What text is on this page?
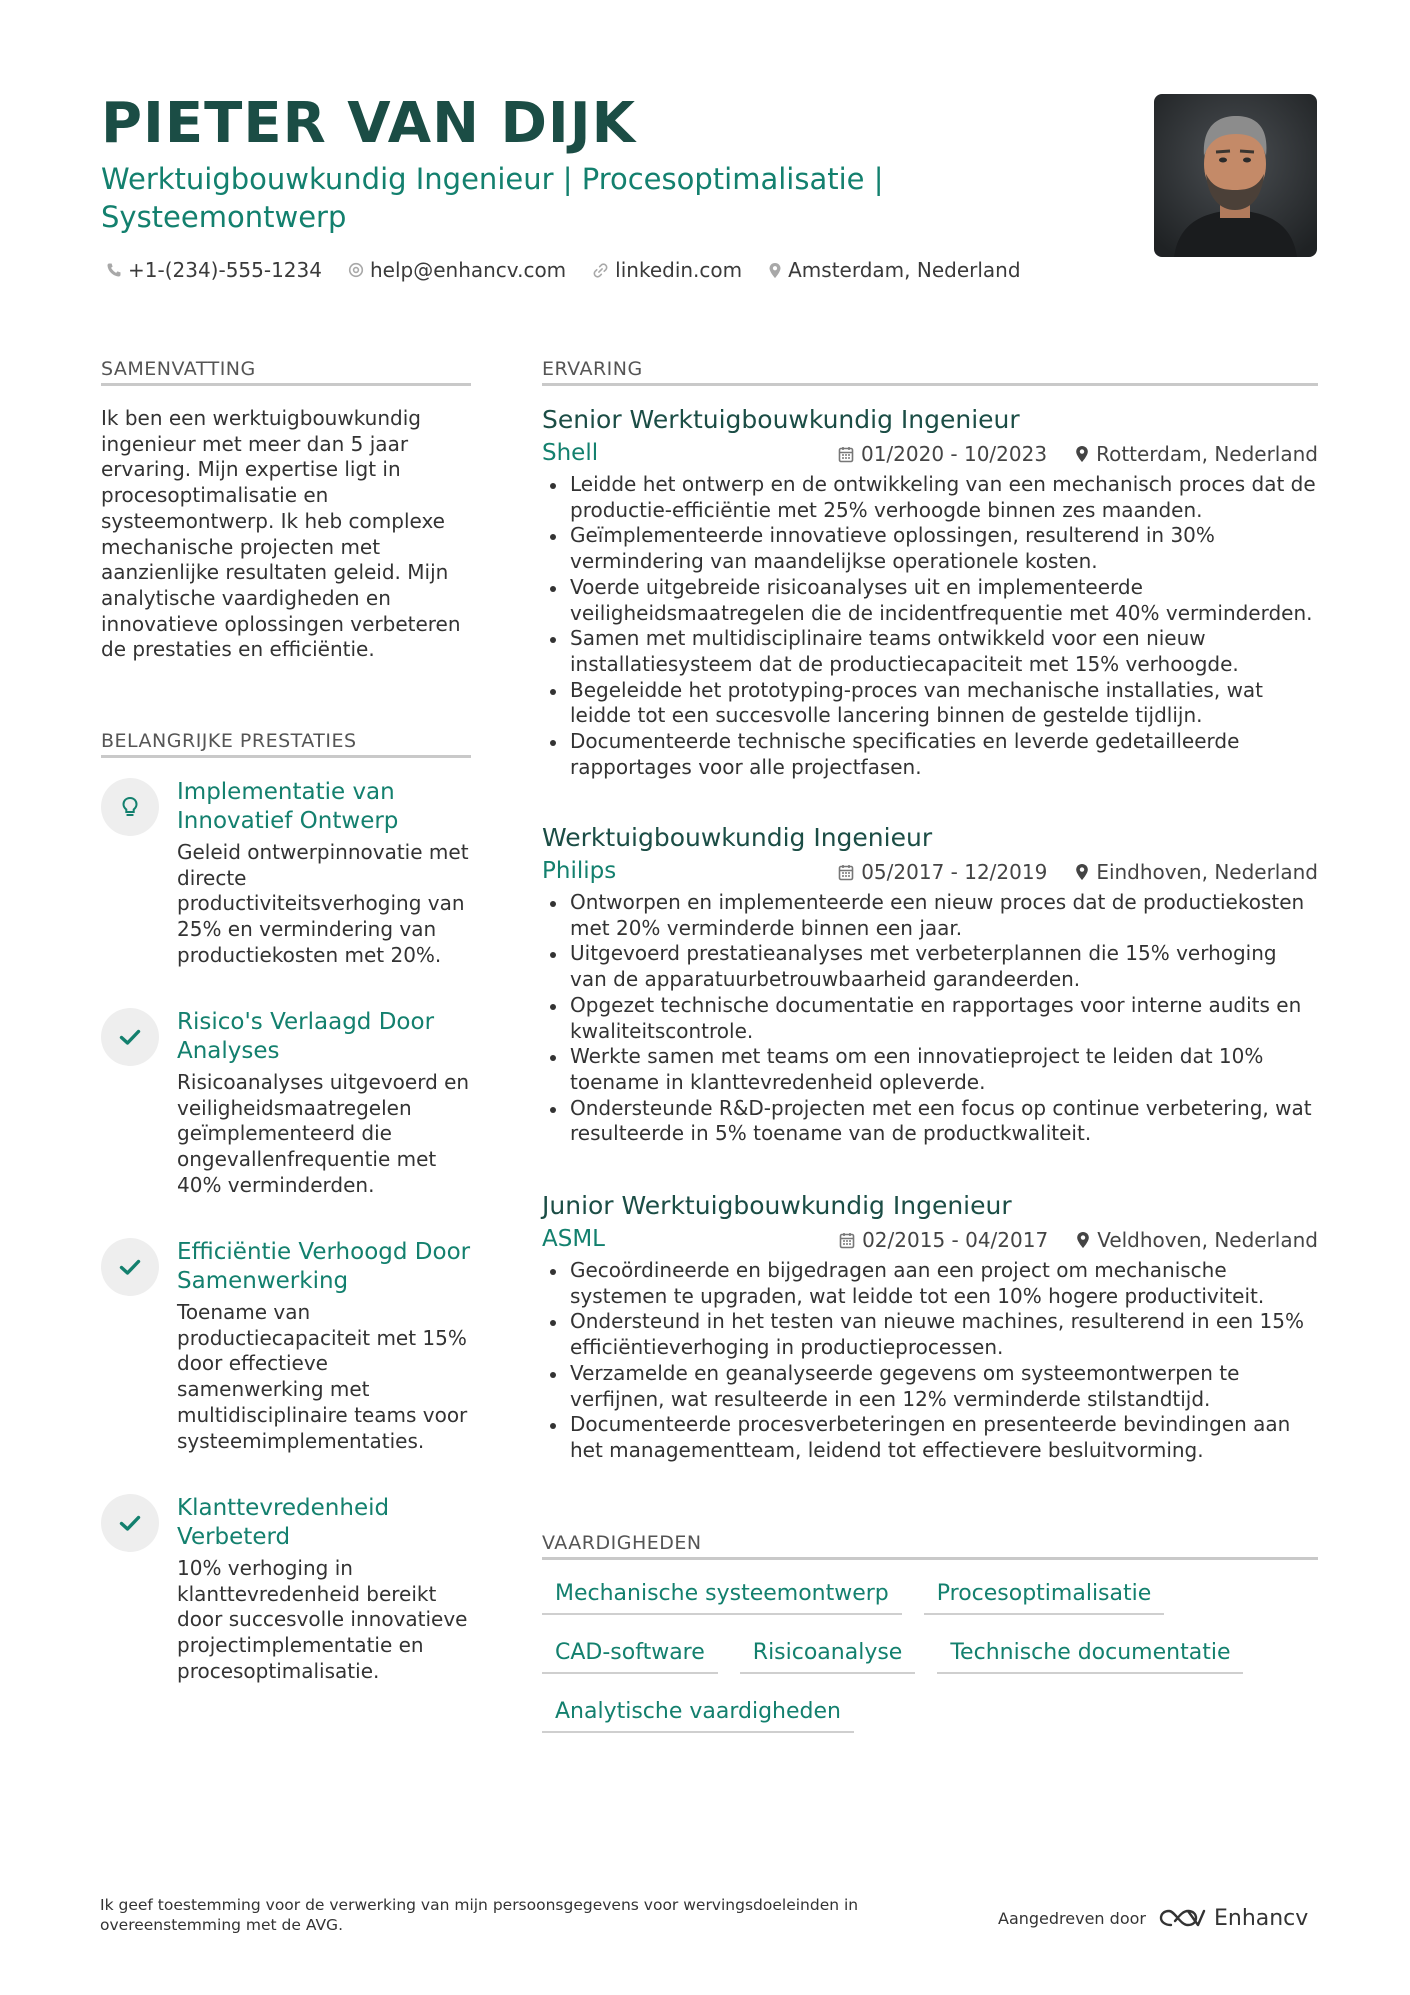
PIETER VAN DIJK

Werktuigbouwkundig Ingenieur | Procesoptimalisatie | Systeemontwerp

+1-(234)-555-1234 help@enhancv.com linkedin.com Amsterdam, Nederland
SAMENVATTING

Ik ben een werktuigbouwkundig ingenieur met meer dan 5 jaar ervaring. Mijn expertise ligt in procesoptimalisatie en systeemontwerp. Ik heb complexe mechanische projecten met aanzienlijke resultaten geleid. Mijn analytische vaardigheden en innovatieve oplossingen verbeteren de prestaties en efficiëntie.

BELANGRIJKE PRESTATIES

Implementatie van Innovatief Ontwerp

Geleid ontwerpinnovatie met directe productiviteitsverhoging van 25% en vermindering van productiekosten met 20%.

Risico's Verlaagd Door Analyses

Risicoanalyses uitgevoerd en veiligheidsmaatregelen geïmplementeerd die ongevallenfrequentie met 40% verminderden.

Efficiëntie Verhoogd Door Samenwerking

Toename van productiecapaciteit met 15% door effectieve samenwerking met multidisciplinaire teams voor systeemimplementaties.

Klanttevredenheid Verbeterd

10% verhoging in klanttevredenheid bereikt door succesvolle innovatieve projectimplementatie en procesoptimalisatie.

ERVARING

Senior Werktuigbouwkundig Ingenieur

Shell	01/2020 - 10/2023 Rotterdam, Nederland
Leidde het ontwerp en de ontwikkeling van een mechanisch proces dat de productie-efficiëntie met 25% verhoogde binnen zes maanden.
Geïmplementeerde innovatieve oplossingen, resulterend in 30% vermindering van maandelijkse operationele kosten.
Voerde uitgebreide risicoanalyses uit en implementeerde veiligheidsmaatregelen die de incidentfrequentie met 40% verminderden.
Samen met multidisciplinaire teams ontwikkeld voor een nieuw installatiesysteem dat de productiecapaciteit met 15% verhoogde.
Begeleidde het prototyping-proces van mechanische installaties, wat leidde tot een succesvolle lancering binnen de gestelde tijdlijn.
Documenteerde technische specificaties en leverde gedetailleerde rapportages voor alle projectfasen.

Werktuigbouwkundig Ingenieur

Philips	05/2017 - 12/2019 Eindhoven, Nederland
Ontworpen en implementeerde een nieuw proces dat de productiekosten met 20% verminderde binnen een jaar.
Uitgevoerd prestatieanalyses met verbeterplannen die 15% verhoging van de apparatuurbetrouwbaarheid garandeerden.
Opgezet technische documentatie en rapportages voor interne audits en kwaliteitscontrole.
Werkte samen met teams om een innovatieproject te leiden dat 10% toename in klanttevredenheid opleverde.
Ondersteunde R&D-projecten met een focus op continue verbetering, wat resulteerde in 5% toename van de productkwaliteit.

Junior Werktuigbouwkundig Ingenieur

ASML	02/2015 - 04/2017 Veldhoven, Nederland
Gecoördineerde en bijgedragen aan een project om mechanische systemen te upgraden, wat leidde tot een 10% hogere productiviteit.
Ondersteund in het testen van nieuwe machines, resulterend in een 15% efficiëntieverhoging in productieprocessen.
Verzamelde en geanalyseerde gegevens om systeemontwerpen te verfijnen, wat resulteerde in een 12% verminderde stilstandtijd.
Documenteerde procesverbeteringen en presenteerde bevindingen aan het managementteam, leidend tot effectievere besluitvorming.
VAARDIGHEDEN
Mechanische systeemontwerp	Procesoptimalisatie
CAD-software	Risicoanalyse	Technische documentatie
Analytische vaardigheden

Ik geef toestemming voor de verwerking van mijn persoonsgegevens voor wervingsdoeleinden in overeenstemming met de AVG.	Aangedreven door	Enhancv
